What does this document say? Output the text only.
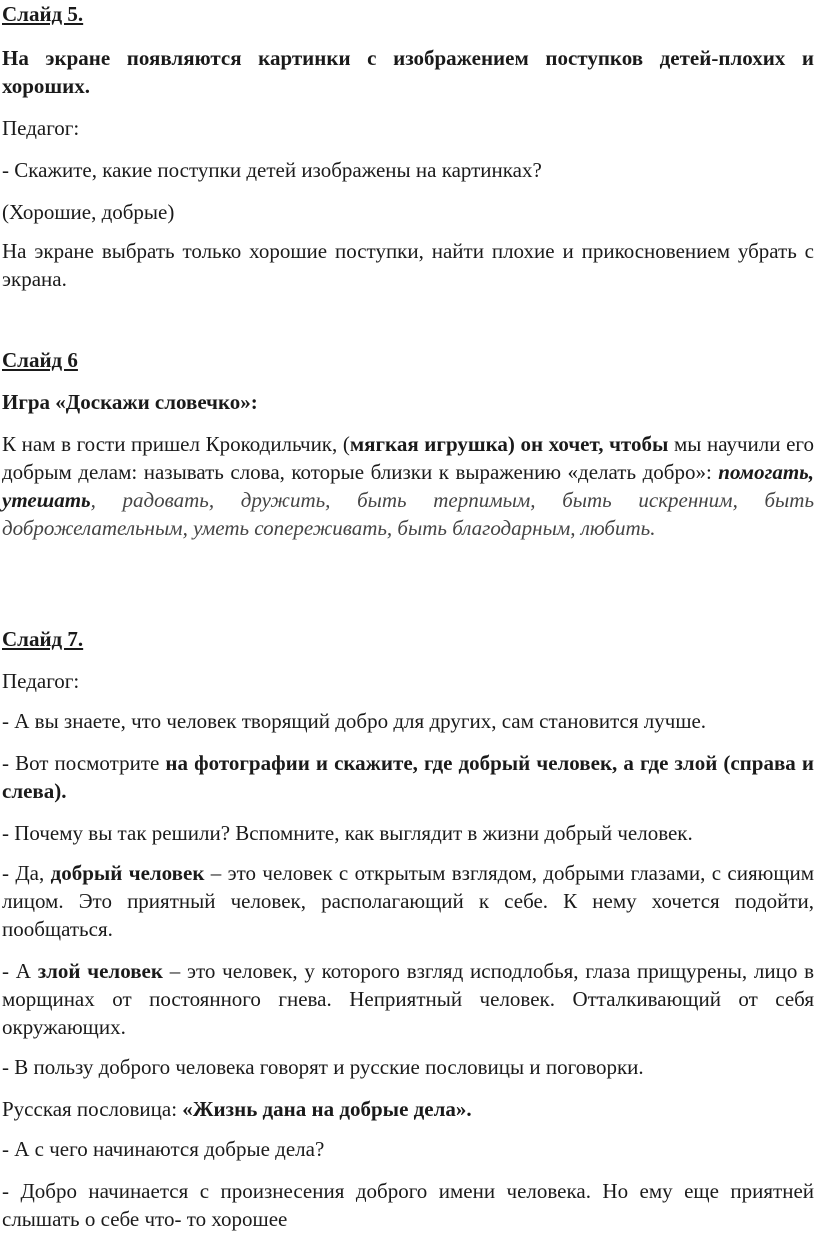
Слайд 5.

На экране появляются картинки с изображением поступков детей-плохих и хороших.

Педагог:

- Скажите, какие поступки детей изображены на картинках?

(Хорошие, добрые)

На экране выбрать только хорошие поступки, найти плохие и прикосновением убрать с экрана.

Слайд 6

Игра «Доскажи словечко»:

К нам в гости пришел Крокодильчик, (мягкая игрушка) он хочет, чтобы мы научили его добрым делам: называть слова, которые близки к выражению «делать добро»: помогать, утешать, радовать, дружить, быть терпимым, быть искренним, быть доброжелательным, уметь сопереживать, быть благодарным, любить.

Слайд 7.

Педагог:

- А вы знаете, что человек творящий добро для других, сам становится лучше.

- Вот посмотрите на фотографии и скажите, где добрый человек, а где злой (справа и слева).

- Почему вы так решили? Вспомните, как выглядит в жизни добрый человек.

- Да, добрый человек – это человек с открытым взглядом, добрыми глазами, с сияющим лицом. Это приятный человек, располагающий к себе. К нему хочется подойти, пообщаться.

- А злой человек – это человек, у которого взгляд исподлобья, глаза прищурены, лицо в морщинах от постоянного гнева. Неприятный человек. Отталкивающий от себя окружающих.

- В пользу доброго человека говорят и русские пословицы и поговорки.

Русская пословица: «Жизнь дана на добрые дела».

- А с чего начинаются добрые дела?

- Добро начинается с произнесения доброго имени человека. Но ему еще приятней слышать о себе что- то хорошее
